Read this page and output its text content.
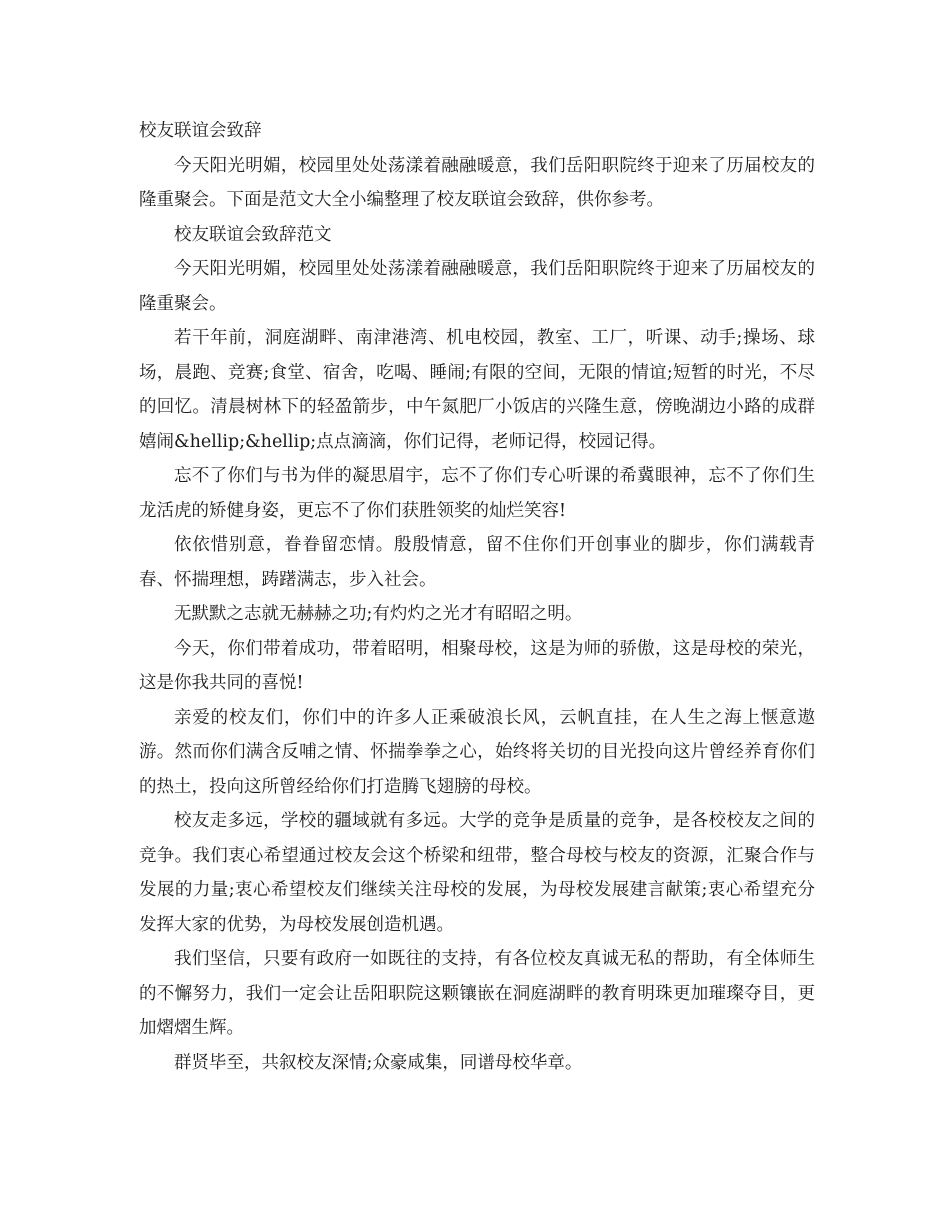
校友联谊会致辞

今天阳光明媚，校园里处处荡漾着融融暖意，我们岳阳职院终于迎来了历届校友的隆重聚会。下面是范文大全小编整理了校友联谊会致辞，供你参考。

校友联谊会致辞范文

今天阳光明媚，校园里处处荡漾着融融暖意，我们岳阳职院终于迎来了历届校友的隆重聚会。

若干年前，洞庭湖畔、南津港湾、机电校园，教室、工厂，听课、动手;操场、球场，晨跑、竞赛;食堂、宿舍，吃喝、睡闹;有限的空间，无限的情谊;短暂的时光，不尽的回忆。清晨树林下的轻盈箭步，中午氮肥厂小饭店的兴隆生意，傍晚湖边小路的成群嬉闹&hellip;&hellip;点点滴滴，你们记得，老师记得，校园记得。

忘不了你们与书为伴的凝思眉宇，忘不了你们专心听课的希冀眼神，忘不了你们生龙活虎的矫健身姿，更忘不了你们获胜领奖的灿烂笑容!

依依惜别意，眷眷留恋情。殷殷情意，留不住你们开创事业的脚步，你们满载青春、怀揣理想，踌躇满志，步入社会。

无默默之志就无赫赫之功;有灼灼之光才有昭昭之明。

今天，你们带着成功，带着昭明，相聚母校，这是为师的骄傲，这是母校的荣光，这是你我共同的喜悦!

亲爱的校友们，你们中的许多人正乘破浪长风，云帆直挂，在人生之海上惬意遨游。然而你们满含反哺之情、怀揣拳拳之心，始终将关切的目光投向这片曾经养育你们的热土，投向这所曾经给你们打造腾飞翅膀的母校。

校友走多远，学校的疆域就有多远。大学的竞争是质量的竞争，是各校校友之间的竞争。我们衷心希望通过校友会这个桥梁和纽带，整合母校与校友的资源，汇聚合作与发展的力量;衷心希望校友们继续关注母校的发展，为母校发展建言献策;衷心希望充分发挥大家的优势，为母校发展创造机遇。

我们坚信，只要有政府一如既往的支持，有各位校友真诚无私的帮助，有全体师生的不懈努力，我们一定会让岳阳职院这颗镶嵌在洞庭湖畔的教育明珠更加璀璨夺目，更加熠熠生辉。

群贤毕至，共叙校友深情;众豪咸集，同谱母校华章。
